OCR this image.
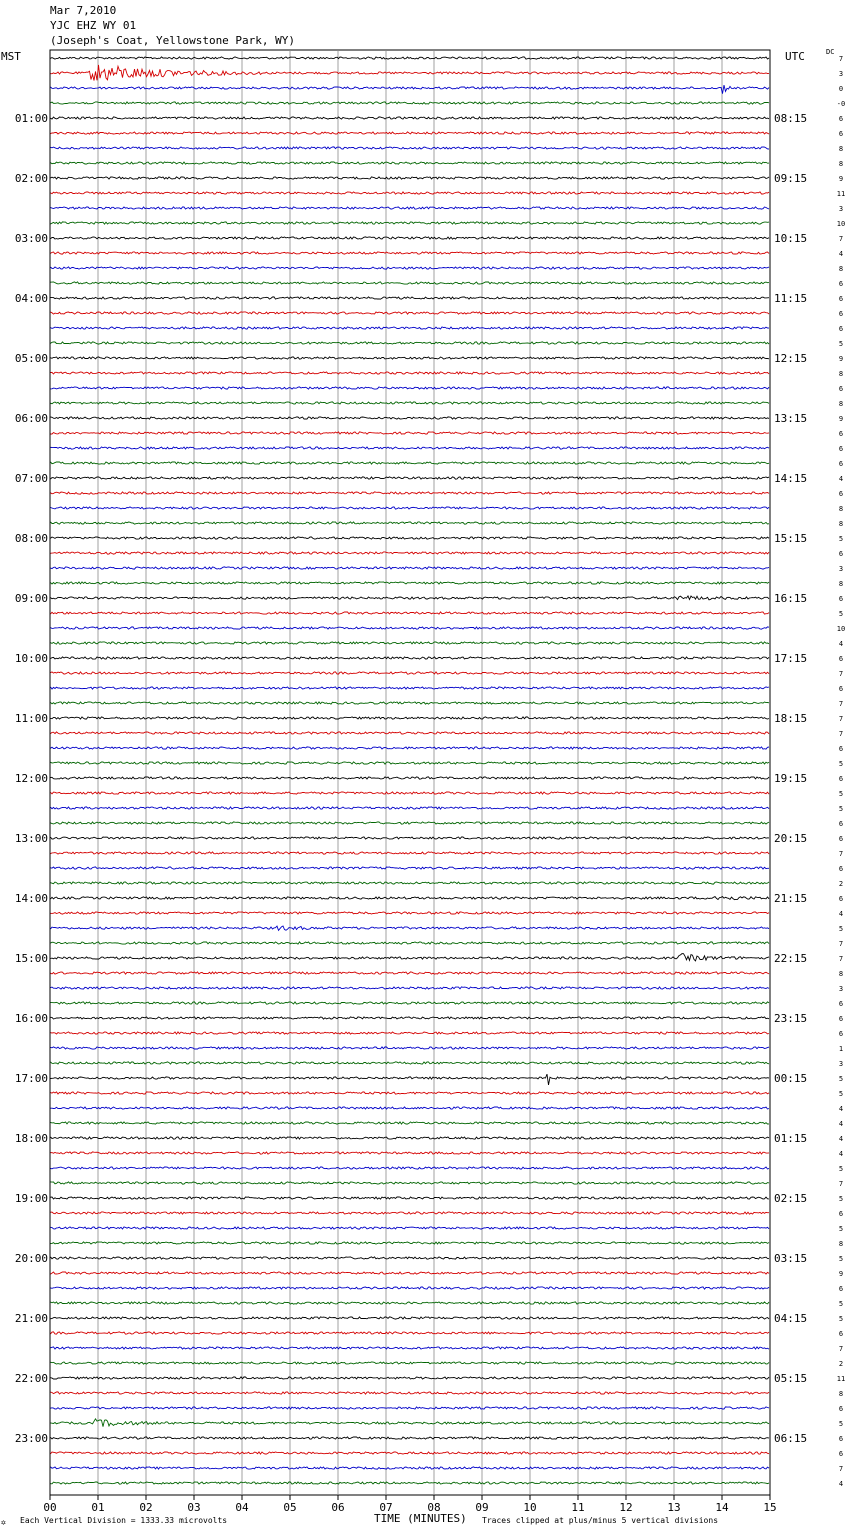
Mar 7,2010
YJC EHZ WY 01
(Joseph's Coat, Yellowstone Park, WY)
MST	UTC	DC
00	01	02	03	04	05	06	07	08	09	10	11	12	13	14	15
7
3
0
-0
6
6
8
8
9
11
3
10
7
4
8
6
6
6
6
5
9
8
6
8
9
6
6
6
4
6
8
8
5
6
3
8
6
5
10
4
6
7
6
7
7
7
6
5
6
5
5
6
6
7
6
2
6
4
5
7
7
8
3
6
6
6
1
3
5
5
4
4
4
4
5
7
5
6
5
8
5
9
6
5
5
6
7
2
11
8
6
5
6
6
7
4
01:00	08:15
02:00	09:15
03:00	10:15
04:00	11:15
05:00	12:15
06:00	13:15
07:00	14:15
08:00	15:15
09:00	16:15
10:00	17:15
11:00	18:15
12:00	19:15
13:00	20:15
14:00	21:15
15:00	22:15
16:00	23:15
17:00	00:15
18:00	01:15
19:00	02:15
20:00	03:15
21:00	04:15
22:00	05:15
23:00	06:15
✡ Each Vertical Division = 1333.33 microvolts	TIME (MINUTES) Traces clipped at plus/minus 5 vertical divisions
